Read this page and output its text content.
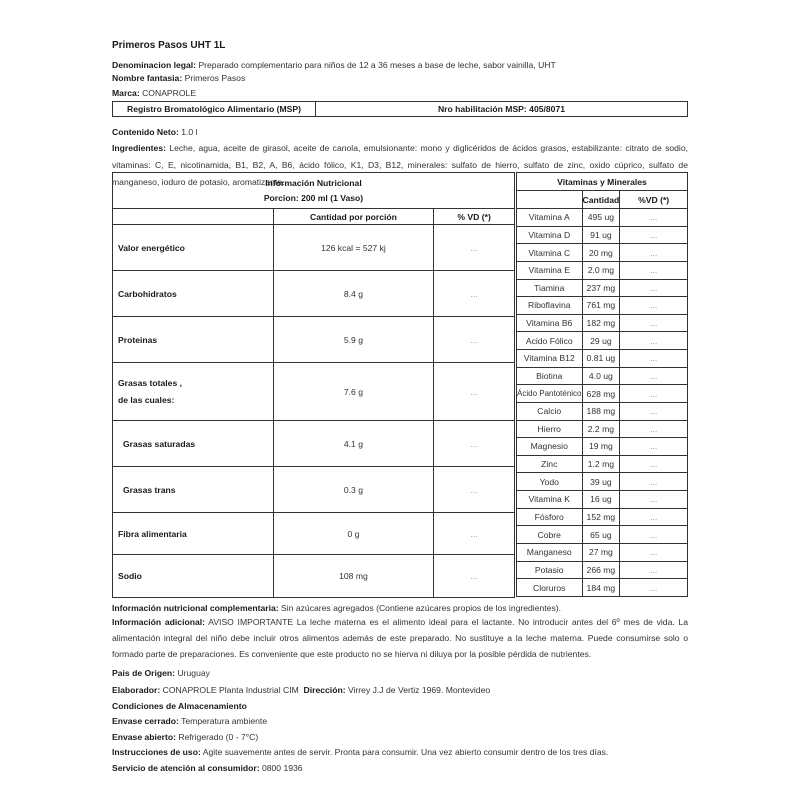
Primeros Pasos UHT 1L
Denominacion legal: Preparado complementario para niños de 12 a 36 meses a base de leche, sabor vainilla, UHT
Nombre fantasia: Primeros Pasos
Marca: CONAPROLE
Registro Bromatológico Alimentario (MSP)	Nro habilitación MSP: 405/8071
Contenido Neto: 1.0 l
Ingredientes: Leche, agua, aceite de girasol, aceite de canola, emulsionante: mono y diglicéridos de ácidos grasos, estabilizante: citrato de sodio, vitaminas: C, E, nicotinamida, B1, B2, A, B6, ácido fólico, K1, D3, B12, minerales: sulfato de hierro, sulfato de zinc, oxido cúprico, sulfato de manganeso, ioduro de potasio, aromatizante.
Información Nutricional
Porcion: 200 ml (1 Vaso)		

	Cantidad por porción	% VD (*)
Valor energético	126 kcal = 527 kj	...
Carbohidratos	8.4 g	...
Proteinas	5.9 g	...

Grasas totales ,
de las cuales:	7.6 g	...
Grasas saturadas	4.1 g	...
Grasas trans	0.3 g	...
Fibra alimentaria	0 g	...
Sodio	108 mg	...
Vitaminas y Minerales		
	Cantidad	%VD (*)
Vitamina A	495 ug	...
Vitamina D	91 ug	...
Vitamina C	20 mg	...
Vitamina E	2.0 mg	...
Tiamina	237 mg	...
Riboflavina	761 mg	...
Vitamina B6	182 mg	...
Acido Fólico	29 ug	...
Vitamina B12	0.81 ug	...
Biotina	4.0 ug	...
Ácido Pantoténico	628 mg	...
Calcio	188 mg	...
Hierro	2.2 mg	...
Magnesio	19 mg	...
Zinc	1.2 mg	...
Yodo	39 ug	...
Vitamina K	16 ug	...
Fósforo	152 mg	...
Cobre	65 ug	...
Manganeso	27 mg	...
Potasio	266 mg	...
Cloruros	184 mg	...
Información nutricional complementaria: Sin azúcares agregados (Contiene azúcares propios de los ingredientes).
Información adicional: AVISO IMPORTANTE La leche materna es el alimento ideal para el lactante. No introducir antes del 6º mes de vida. La alimentación integral del niño debe incluir otros alimentos además de este preparado. No sustituye a la leche materna. Puede consumirse solo o formado parte de preparaciones. Es conveniente que este producto no se hierva ni diluya por la posible pérdida de nutrientes.
Pais de Origen: Uruguay
Elaborador: CONAPROLE Planta Industrial CIM Dirección: Virrey J.J de Vertiz 1969. Montevideo
Condiciones de Almacenamiento
Envase cerrado: Temperatura ambiente
Envase abierto: Refrigerado (0 - 7°C)
Instrucciones de uso: Agite suavemente antes de servir. Pronta para consumir. Una vez abierto consumir dentro de los tres días.
Servicio de atención al consumidor: 0800 1936
